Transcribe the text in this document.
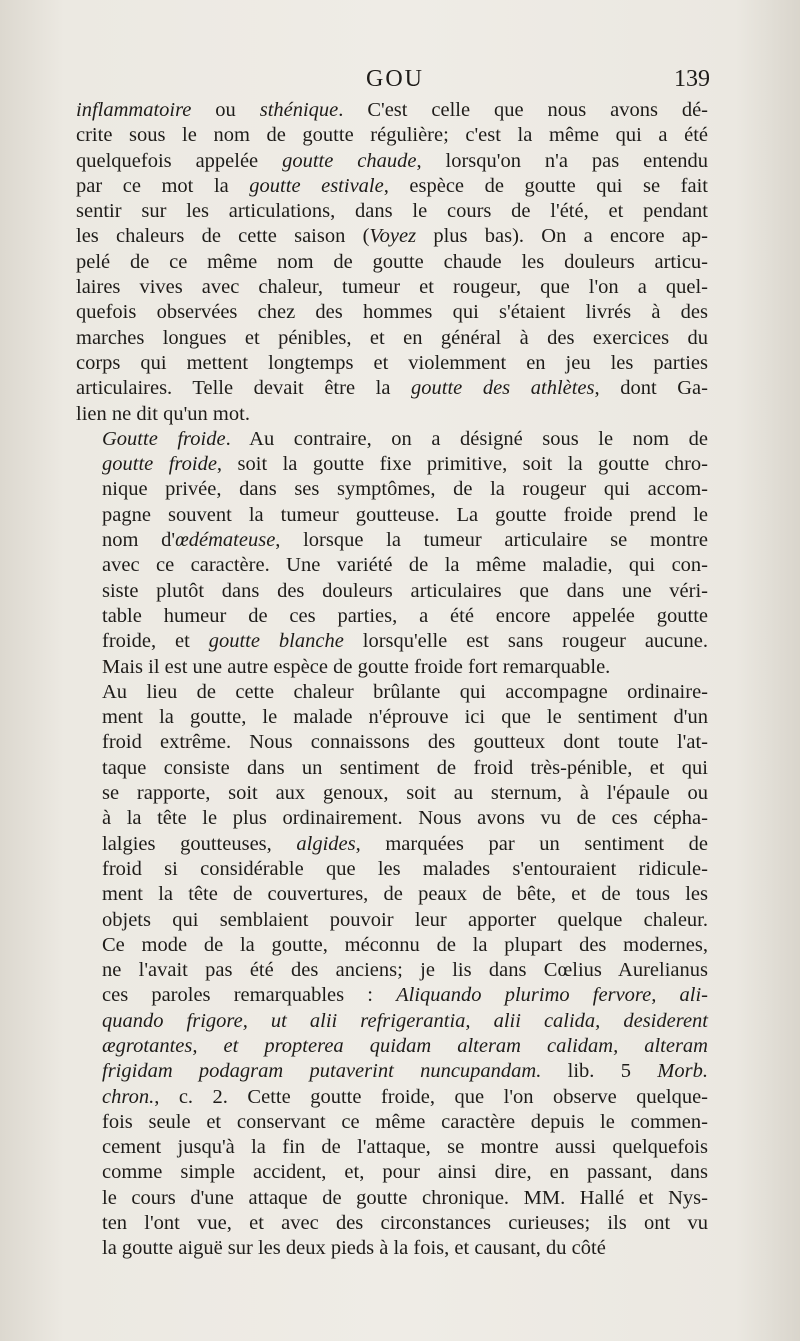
GOU	139

inflammatoire ou sthénique. C'est celle que nous avons dé-
crite sous le nom de goutte régulière; c'est la même qui a été
quelquefois appelée goutte chaude, lorsqu'on n'a pas entendu
par ce mot la goutte estivale, espèce de goutte qui se fait
sentir sur les articulations, dans le cours de l'été, et pendant
les chaleurs de cette saison (Voyez plus bas). On a encore ap-
pelé de ce même nom de goutte chaude les douleurs articu-
laires vives avec chaleur, tumeur et rougeur, que l'on a quel-
quefois observées chez des hommes qui s'étaient livrés à des
marches longues et pénibles, et en général à des exercices du
corps qui mettent longtemps et violemment en jeu les parties
articulaires. Telle devait être la goutte des athlètes, dont Ga-
lien ne dit qu'un mot.

Goutte froide. Au contraire, on a désigné sous le nom de
goutte froide, soit la goutte fixe primitive, soit la goutte chro-
nique privée, dans ses symptômes, de la rougeur qui accom-
pagne souvent la tumeur goutteuse. La goutte froide prend le
nom d'œdémateuse, lorsque la tumeur articulaire se montre
avec ce caractère. Une variété de la même maladie, qui con-
siste plutôt dans des douleurs articulaires que dans une véri-
table humeur de ces parties, a été encore appelée goutte
froide, et goutte blanche lorsqu'elle est sans rougeur aucune.
Mais il est une autre espèce de goutte froide fort remarquable.

Au lieu de cette chaleur brûlante qui accompagne ordinaire-
ment la goutte, le malade n'éprouve ici que le sentiment d'un
froid extrême. Nous connaissons des goutteux dont toute l'at-
taque consiste dans un sentiment de froid très-pénible, et qui
se rapporte, soit aux genoux, soit au sternum, à l'épaule ou
à la tête le plus ordinairement. Nous avons vu de ces cépha-
lalgies goutteuses, algides, marquées par un sentiment de
froid si considérable que les malades s'entouraient ridicule-
ment la tête de couvertures, de peaux de bête, et de tous les
objets qui semblaient pouvoir leur apporter quelque chaleur.
Ce mode de la goutte, méconnu de la plupart des modernes,
ne l'avait pas été des anciens; je lis dans Cœlius Aurelianus
ces paroles remarquables : Aliquando plurimo fervore, ali-
quando frigore, ut alii refrigerantia, alii calida, desiderent
ægrotantes, et propterea quidam alteram calidam, alteram
frigidam podagram putaverint nuncupandam. lib. 5 Morb.
chron., c. 2. Cette goutte froide, que l'on observe quelque-
fois seule et conservant ce même caractère depuis le commen-
cement jusqu'à la fin de l'attaque, se montre aussi quelquefois
comme simple accident, et, pour ainsi dire, en passant, dans
le cours d'une attaque de goutte chronique. MM. Hallé et Nys-
ten l'ont vue, et avec des circonstances curieuses; ils ont vu
la goutte aiguë sur les deux pieds à la fois, et causant, du côté
